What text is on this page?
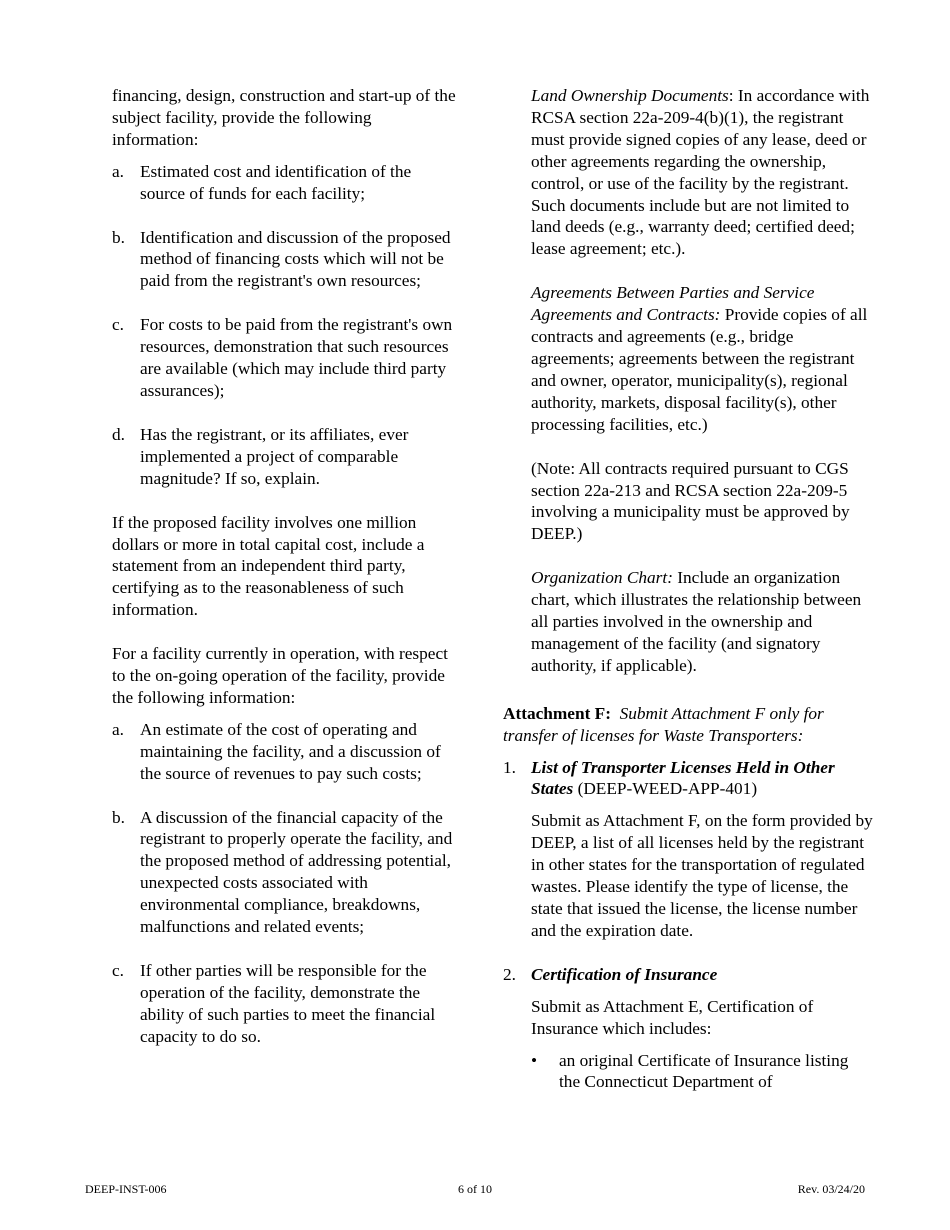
financing, design, construction and start-up of the subject facility, provide the following information:

a. Estimated cost and identification of the source of funds for each facility;
b. Identification and discussion of the proposed method of financing costs which will not be paid from the registrant's own resources;
c. For costs to be paid from the registrant's own resources, demonstration that such resources are available (which may include third party assurances);
d. Has the registrant, or its affiliates, ever implemented a project of comparable magnitude? If so, explain.

If the proposed facility involves one million dollars or more in total capital cost, include a statement from an independent third party, certifying as to the reasonableness of such information.

For a facility currently in operation, with respect to the on-going operation of the facility, provide the following information:

a. An estimate of the cost of operating and maintaining the facility, and a discussion of the source of revenues to pay such costs;
b. A discussion of the financial capacity of the registrant to properly operate the facility, and the proposed method of addressing potential, unexpected costs associated with environmental compliance, breakdowns, malfunctions and related events;
c. If other parties will be responsible for the operation of the facility, demonstrate the ability of such parties to meet the financial capacity to do so.

Land Ownership Documents: In accordance with RCSA section 22a-209-4(b)(1), the registrant must provide signed copies of any lease, deed or other agreements regarding the ownership, control, or use of the facility by the registrant. Such documents include but are not limited to land deeds (e.g., warranty deed; certified deed; lease agreement; etc.).

Agreements Between Parties and Service Agreements and Contracts: Provide copies of all contracts and agreements (e.g., bridge agreements; agreements between the registrant and owner, operator, municipality(s), regional authority, markets, disposal facility(s), other processing facilities, etc.)

(Note: All contracts required pursuant to CGS section 22a-213 and RCSA section 22a-209-5 involving a municipality must be approved by DEEP.)

Organization Chart: Include an organization chart, which illustrates the relationship between all parties involved in the ownership and management of the facility (and signatory authority, if applicable).

Attachment F: Submit Attachment F only for transfer of licenses for Waste Transporters:

1. List of Transporter Licenses Held in Other States (DEEP-WEED-APP-401)

Submit as Attachment F, on the form provided by DEEP, a list of all licenses held by the registrant in other states for the transportation of regulated wastes. Please identify the type of license, the state that issued the license, the license number and the expiration date.

2. Certification of Insurance

Submit as Attachment E, Certification of Insurance which includes:

•	an original Certificate of Insurance listing the Connecticut Department of
DEEP-INST-006	6 of 10	Rev. 03/24/20
